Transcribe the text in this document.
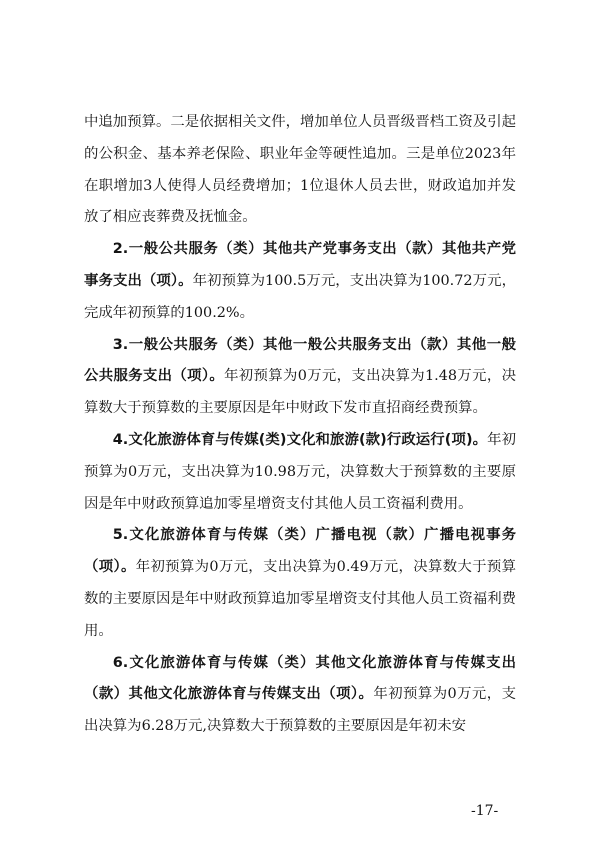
中追加预算。二是依据相关文件，增加单位人员晋级晋档工资及引起的公积金、基本养老保险、职业年金等硬性追加。三是单位2023年在职增加3人使得人员经费增加；1位退休人员去世，财政追加并发放了相应丧葬费及抚恤金。

2.一般公共服务（类）其他共产党事务支出（款）其他共产党事务支出（项）。年初预算为100.5万元，支出决算为100.72万元，完成年初预算的100.2%。

3.一般公共服务（类）其他一般公共服务支出（款）其他一般公共服务支出（项）。年初预算为0万元，支出决算为1.48万元，决算数大于预算数的主要原因是年中财政下发市直招商经费预算。

4.文化旅游体育与传媒(类)文化和旅游(款)行政运行(项)。年初预算为0万元，支出决算为10.98万元，决算数大于预算数的主要原因是年中财政预算追加零星增资支付其他人员工资福利费用。

5.文化旅游体育与传媒（类）广播电视（款）广播电视事务（项）。年初预算为0万元，支出决算为0.49万元，决算数大于预算数的主要原因是年中财政预算追加零星增资支付其他人员工资福利费用。

6.文化旅游体育与传媒（类）其他文化旅游体育与传媒支出（款）其他文化旅游体育与传媒支出（项）。年初预算为0万元，支出决算为6.28万元,决算数大于预算数的主要原因是年初未安

-17-
